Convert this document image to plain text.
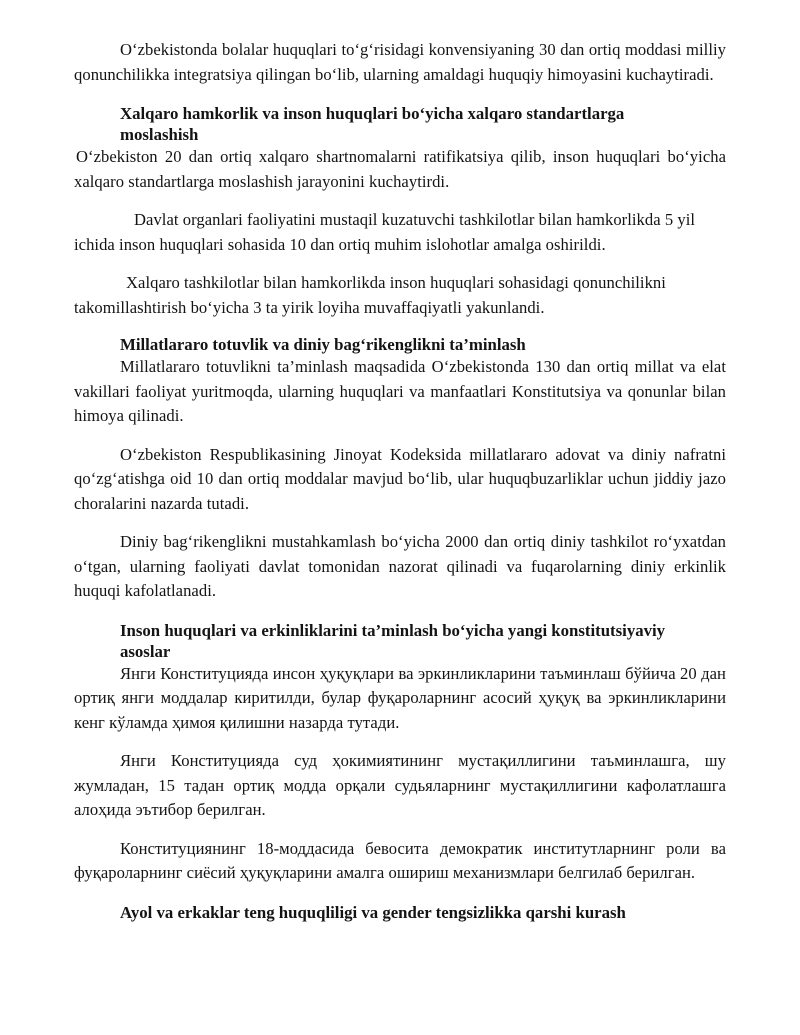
O‘zbekistonda bolalar huquqlari to‘g‘risidagi konvensiyaning 30 dan ortiq moddasi milliy qonunchilikka integratsiya qilingan bo‘lib, ularning amaldagi huquqiy himoyasini kuchaytiradi.

Xalqaro hamkorlik va inson huquqlari bo‘yicha xalqaro standartlarga moslashish

O‘zbekiston 20 dan ortiq xalqaro shartnomalarni ratifikatsiya qilib, inson huquqlari bo‘yicha xalqaro standartlarga moslashish jarayonini kuchaytirdi.

Davlat organlari faoliyatini mustaqil kuzatuvchi tashkilotlar bilan hamkorlikda 5 yil ichida inson huquqlari sohasida 10 dan ortiq muhim islohotlar amalga oshirildi.

Xalqaro tashkilotlar bilan hamkorlikda inson huquqlari sohasidagi qonunchilikni takomillashtirish bo‘yicha 3 ta yirik loyiha muvaffaqiyatli yakunlandi.

Millatlararo totuvlik va diniy bag‘rikenglikni ta’minlash

Millatlararo totuvlikni ta’minlash maqsadida O‘zbekistonda 130 dan ortiq millat va elat vakillari faoliyat yuritmoqda, ularning huquqlari va manfaatlari Konstitutsiya va qonunlar bilan himoya qilinadi.

O‘zbekiston Respublikasining Jinoyat Kodeksida millatlararo adovat va diniy nafratni qo‘zg‘atishga oid 10 dan ortiq moddalar mavjud bo‘lib, ular huquqbuzarliklar uchun jiddiy jazo choralarini nazarda tutadi.

Diniy bag‘rikenglikni mustahkamlash bo‘yicha 2000 dan ortiq diniy tashkilot ro‘yxatdan o‘tgan, ularning faoliyati davlat tomonidan nazorat qilinadi va fuqarolarning diniy erkinlik huquqi kafolatlanadi.

Inson huquqlari va erkinliklarini ta’minlash bo‘yicha yangi konstitutsiyaviy asoslar

Янги Конституцияда инсон ҳуқуқлари ва эркинликларини таъминлаш бўйича 20 дан ортиқ янги моддалар киритилди, булар фуқароларнинг асосий ҳуқуқ ва эркинликларини кенг кўламда ҳимоя қилишни назарда тутади.

Янги Конституцияда суд ҳокимиятининг мустақиллигини таъминлашга, шу жумладан, 15 тадан ортиқ модда орқали судьяларнинг мустақиллигини кафолатлашга алоҳида эътибор берилган.

Конституциянинг 18-моддасида бевосита демократик институтларнинг роли ва фуқароларнинг сиёсий ҳуқуқларини амалга ошириш механизмлари белгилаб берилган.

Ayol va erkaklar teng huquqliligi va gender tengsizlikka qarshi kurash
